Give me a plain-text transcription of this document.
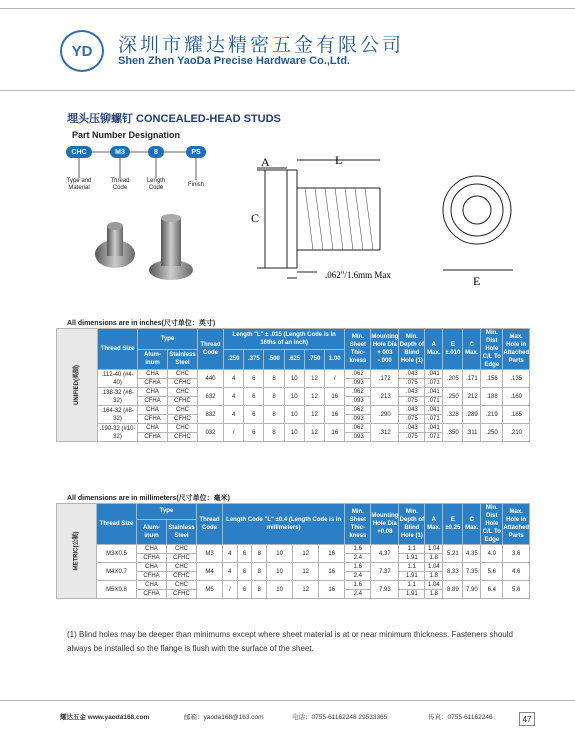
YD	深圳市耀达精密五金有限公司
Shen Zhen YaoDa Precise Hardware Co.,Ltd.
埋头压铆螺钉 CONCEALED-HEAD STUDS
Part Number Designation
CHC	M3	8	PS
Type and Material
Thread Code
Length Code	Finish
A	L
C
.062"/1.6mm Max	E
All dimensions are in inches(尺寸单位：英寸)
UNIFIED(美制)	Thread Size	Type		Thread Code	Length "L" ± .015 (Length Code is in 16ths of an inch)						Min. Sheet Thic-kness	Mounting Hole Dia +.003 -.000	Min. Depth of Blind Hole (1)	A Max.	E ±.010	C Max.	Min. Dist Hole C/L To Edge	Max. Hole in Attached Parts
		Alum-inum	Stainless Steel		.250	.375	.500	.625	.750	1.00								
	.112-40 (#4-40)	CHA	CHC	440	4	6	8	10	12	/	.062	.172	.043	.041	.205	.171	.156	.135
		CFHA	CFHC								.093		.075	.071				
	.138-32 (#6-32)	CHA	CHC	632	4	6	8	10	12	16	.062	.213	.043	.041	.250	.212	.188	.160
		CFHA	CFHC								.093		.075	.071				
	.164-32 (#8-32)	CHA	CHC	832	4	6	8	10	12	16	.062	.290	.043	.041	.328	.289	.219	.185
		CFHA	CFHC								.093		.075	.071				
	.190-32 (#10-32)	CHA	CHC	032	/	6	8	10	12	16	.062	.312	.043	.041	.350	.311	.250	.210
		CFHA	CFHC								.093		.075	.071				
All dimensions are in millimeters(尺寸单位：毫米)
METRIC(公制)	Thread Size	Type		Thread Code	Length Code "L" ±0.4 (Length Code is in millimeters)						Min. Sheet Thic-kness	Mounting Hole Dia +0.08	Min. Depth of Blind Hole (1)	A Max.	E ±0.25	C Max.	Min. Dist Hole C/L To Edge	Max. Hole in Attached Parts
		Alum-inum	Stainless Steel															
	M3X0.5	CHA	CHC	M3	4	6	8	10	12	16	1.6	4.37	1.1	1.04	5.21	4.35	4.0	3.6
		CFHA	CFHC								2.4		1.91	1.8				
	M4X0.7	CHA	CHC	M4	4	6	8	10	12	16	1.6	7.37	1.1	1.04	8.33	7.35	5.6	4.6
		CFHA	CFHC								2.4		1.91	1.8				
	M5X0.8	CHA	CHC	M5	/	6	8	10	12	16	1.6	7.93	1.1	1.04	8.89	7.90	6.4	5.6
		CFHA	CFHC								2.4		1.91	1.8				
(1) Blind holes may be deeper than minimums except where sheet material is at or near minimum thickness. Fasteners should always be installed so the flange is flush with the surface of the sheet.
耀达五金 www.yaoda168.com	邮箱：yaoda168@163.com	电话：0755-61162248 29533365	传真：0755-61162246	47
